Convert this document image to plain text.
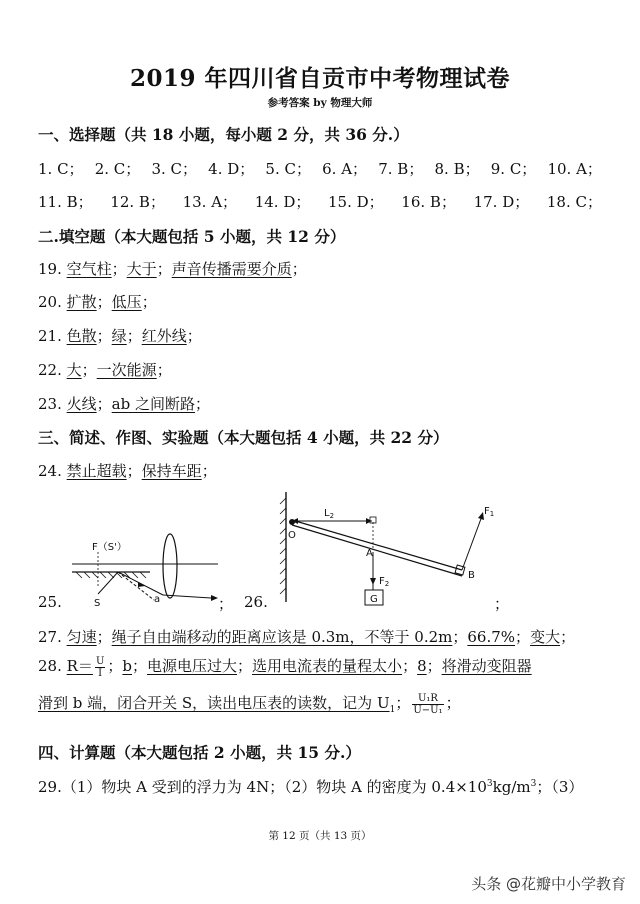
2019 年四川省自贡市中考物理试卷
参考答案 by 物理大师
一、选择题（共 18 小题，每小题 2 分，共 36 分.）
1. C； 2. C； 3. C； 4. D； 5. C； 6. A； 7. B； 8. B； 9. C； 10. A；
11. B； 12. B； 13. A； 14. D； 15. D； 16. B； 17. D； 18. C；
二.填空题（本大题包括 5 小题，共 12 分）
19. 空气柱；大于；声音传播需要介质；
20. 扩散；低压；
21. 色散；绿；红外线；
22. 大；一次能源；
23. 火线；ab 之间断路；
三、简述、作图、实验题（本大题包括 4 小题，共 22 分）
24. 禁止超载；保持车距；
25.
F（S'）
S	a	； 26.
$L_2$	$F_1$
$F_2$
O
A
B
G	；
27. 匀速；绳子自由端移动的距离应该是 0.3m，不等于 0.2m；66.7%；变大；
28. $R= \frac{U}{I}$ ；b；电源电压过大；选用电流表的量程太小；8；将滑动变阻器
滑到 b 端，闭合开关 S，读出电压表的读数，记为 $U_1$； $\frac{\text{U₁R}}{\text{U−U₁}}$ ；
四、计算题（本大题包括 2 小题，共 15 分.）
29.（1）物块 A 受到的浮力为 4N；（2）物块 A 的密度为 $0.4\times 10^3kg/m^3$；（3）
第 12 页（共 13 页）
头条 @花瓣中小学教育
